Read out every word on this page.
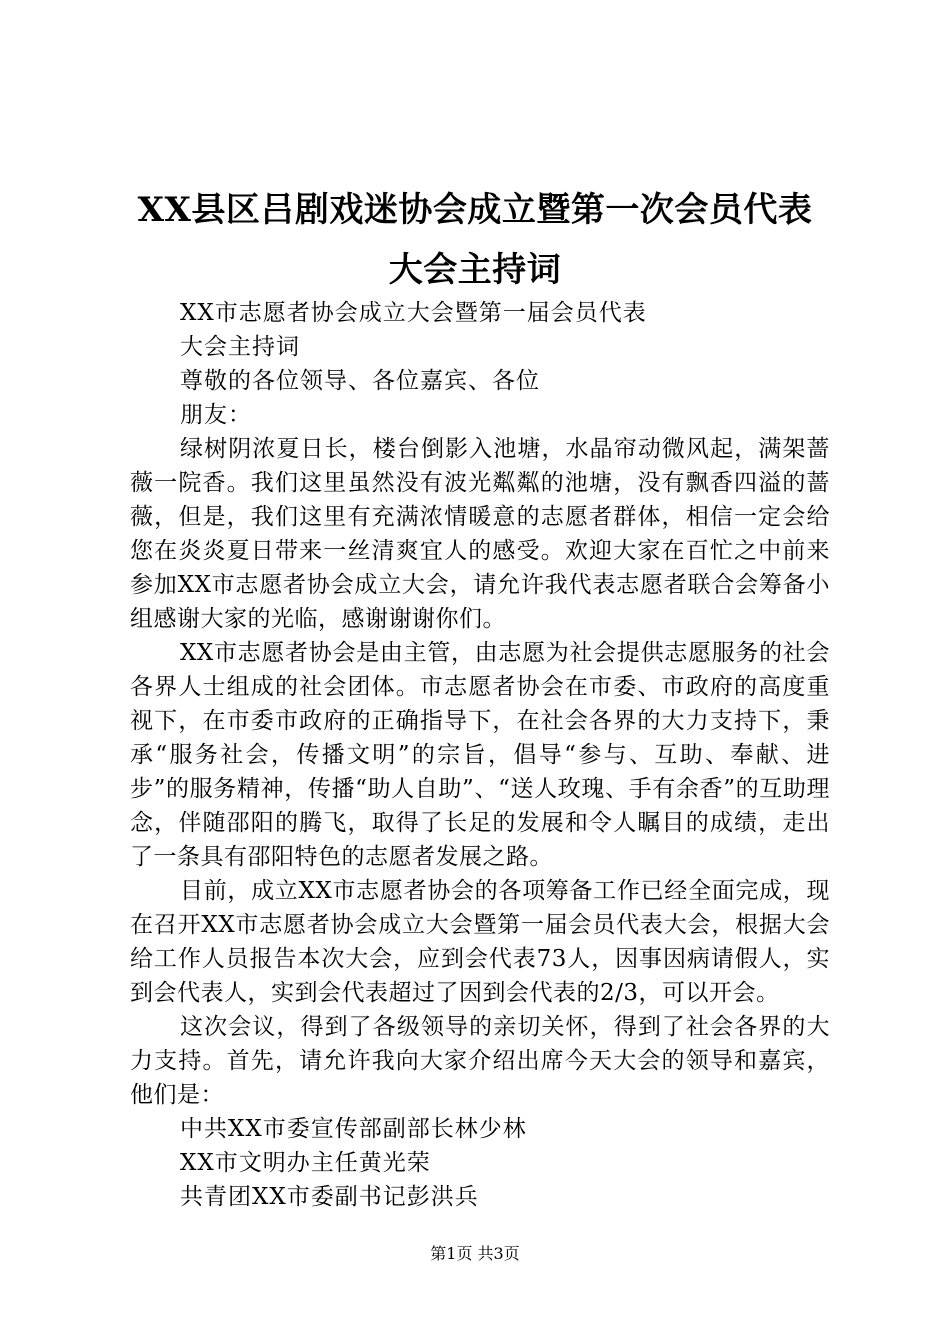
XX县区吕剧戏迷协会成立暨第一次会员代表
大会主持词
XX市志愿者协会成立大会暨第一届会员代表
大会主持词
尊敬的各位领导、各位嘉宾、各位
朋友：
绿树阴浓夏日长，楼台倒影入池塘，水晶帘动微风起，满架蔷薇一院香。我们这里虽然没有波光粼粼的池塘，没有飘香四溢的蔷薇，但是，我们这里有充满浓情暖意的志愿者群体，相信一定会给您在炎炎夏日带来一丝清爽宜人的感受。欢迎大家在百忙之中前来参加XX市志愿者协会成立大会，请允许我代表志愿者联合会筹备小组感谢大家的光临，感谢谢谢你们。
XX市志愿者协会是由主管，由志愿为社会提供志愿服务的社会各界人士组成的社会团体。市志愿者协会在市委、市政府的高度重视下，在市委市政府的正确指导下，在社会各界的大力支持下，秉承“服务社会，传播文明”的宗旨，倡导“参与、互助、奉献、进步”的服务精神，传播“助人自助”、“送人玫瑰、手有余香”的互助理念，伴随邵阳的腾飞，取得了长足的发展和令人瞩目的成绩，走出了一条具有邵阳特色的志愿者发展之路。
目前，成立XX市志愿者协会的各项筹备工作已经全面完成，现在召开XX市志愿者协会成立大会暨第一届会员代表大会，根据大会给工作人员报告本次大会，应到会代表73人，因事因病请假人，实到会代表人，实到会代表超过了因到会代表的2/3，可以开会。
这次会议，得到了各级领导的亲切关怀，得到了社会各界的大力支持。首先，请允许我向大家介绍出席今天大会的领导和嘉宾，他们是：
中共XX市委宣传部副部长林少林
XX市文明办主任黄光荣
共青团XX市委副书记彭洪兵
第1页 共3页
